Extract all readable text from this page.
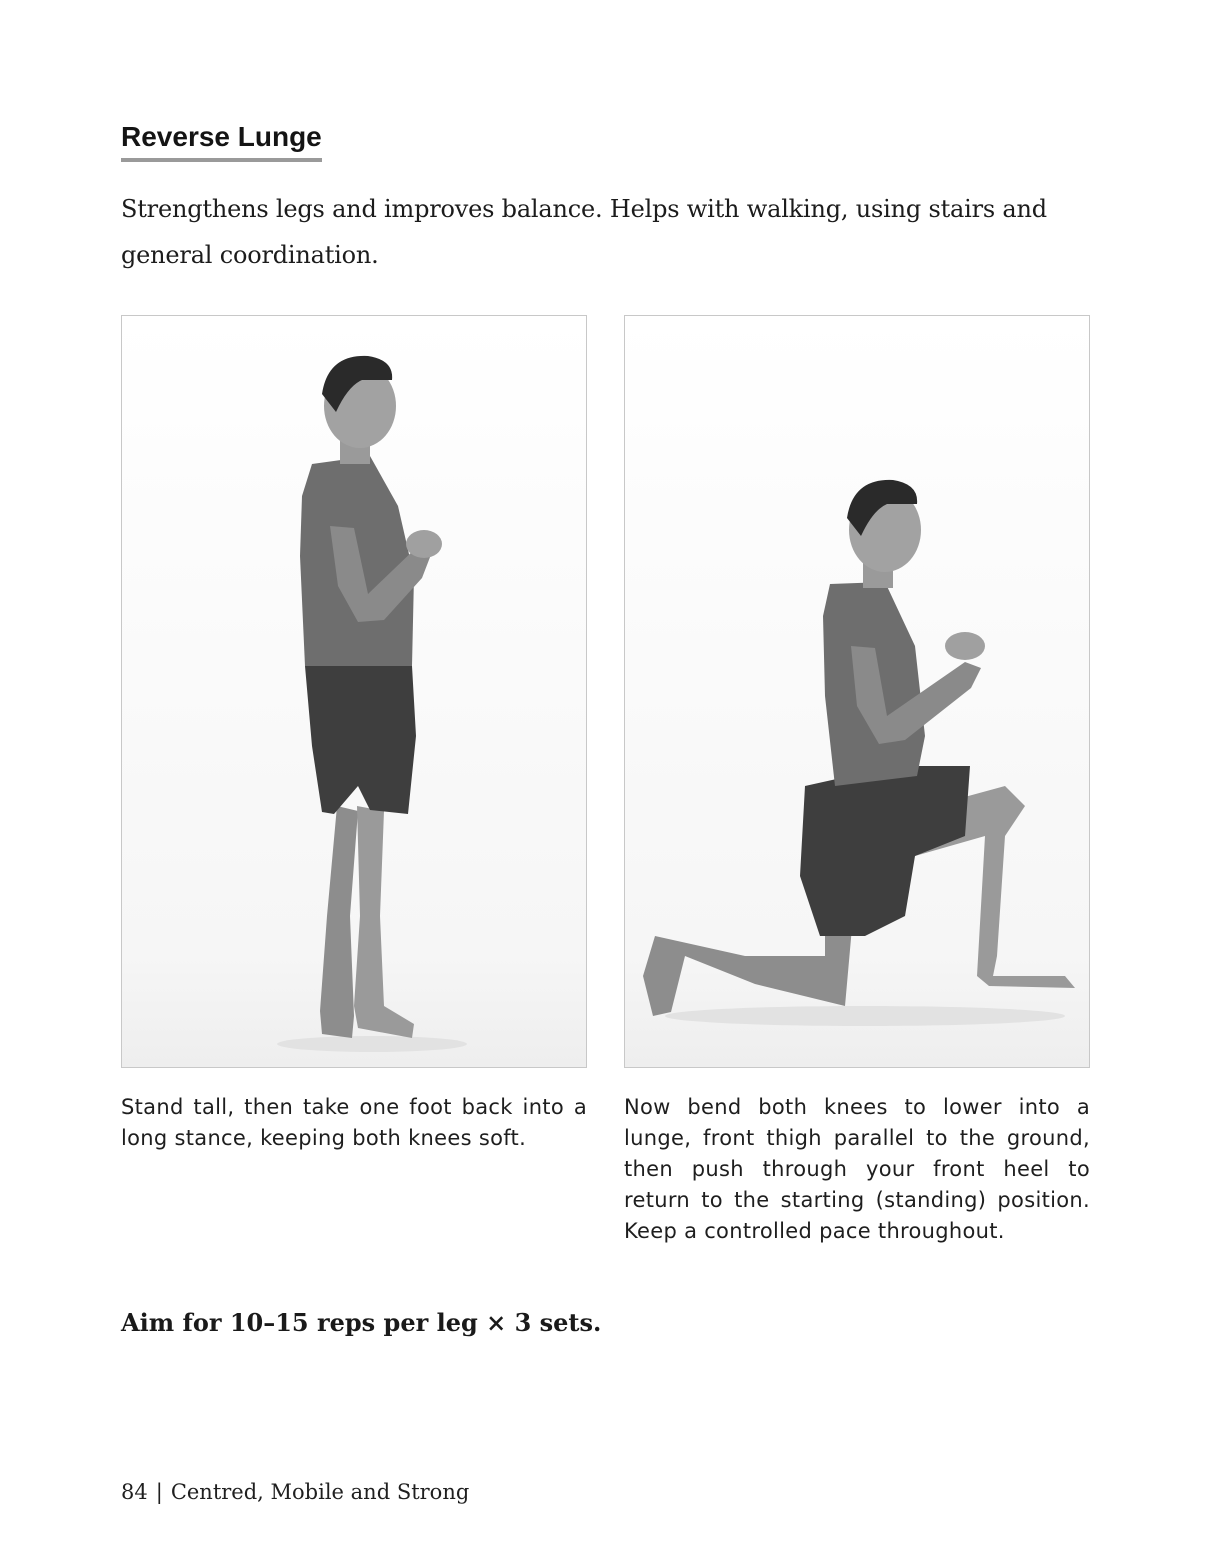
Reverse Lunge

Strengthens legs and improves balance. Helps with walking, using stairs and general coordination.

Stand tall, then take one foot back into a long stance, keeping both knees soft.

Now bend both knees to lower into a lunge, front thigh parallel to the ground, then push through your front heel to return to the starting (standing) position. Keep a controlled pace throughout.

Aim for 10–15 reps per leg × 3 sets.

84 | Centred, Mobile and Strong
